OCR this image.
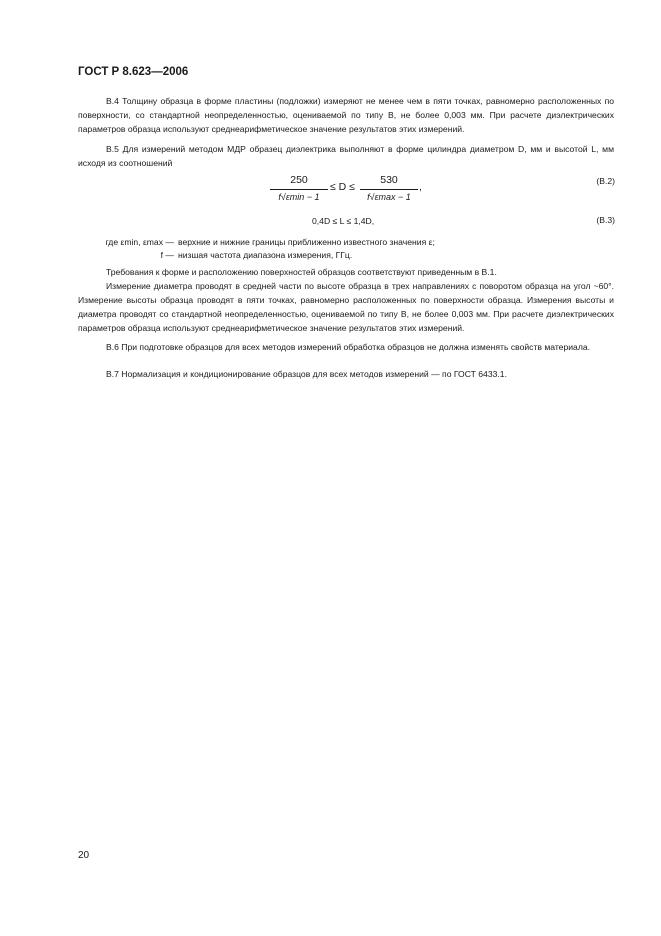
ГОСТ Р 8.623—2006

В.4 Толщину образца в форме пластины (подложки) измеряют не менее чем в пяти точках, равномерно расположенных по поверхности, со стандартной неопределенностью, оцениваемой по типу В, не более 0,003 мм. При расчете диэлектрических параметров образца используют среднеарифметическое значение результатов этих измерений.

В.5 Для измерений методом МДР образец диэлектрика выполняют в форме цилиндра диаметром D, мм и высотой L, мм исходя из соотношений

250
f√εmin − 1
≤ D ≤
530
f√εmax − 1
,	(В.2)
0,4D ≤ L ≤ 1,4D,	(В.3)
где εmin, εmax — верхние и нижние границы приближенно известного значения ε;
f — низшая частота диапазона измерения, ГГц.

Требования к форме и расположению поверхностей образцов соответствуют приведенным в В.1.

Измерение диаметра проводят в средней части по высоте образца в трех направлениях с поворотом образца на угол ~60°. Измерение высоты образца проводят в пяти точках, равномерно расположенных по поверхности образца. Измерения высоты и диаметра проводят со стандартной неопределенностью, оцениваемой по типу В, не более 0,003 мм. При расчете диэлектрических параметров образца используют среднеарифметическое значение результатов этих измерений.

В.6 При подготовке образцов для всех методов измерений обработка образцов не должна изменять свойств материала.

В.7 Нормализация и кондиционирование образцов для всех методов измерений — по ГОСТ 6433.1.

20
